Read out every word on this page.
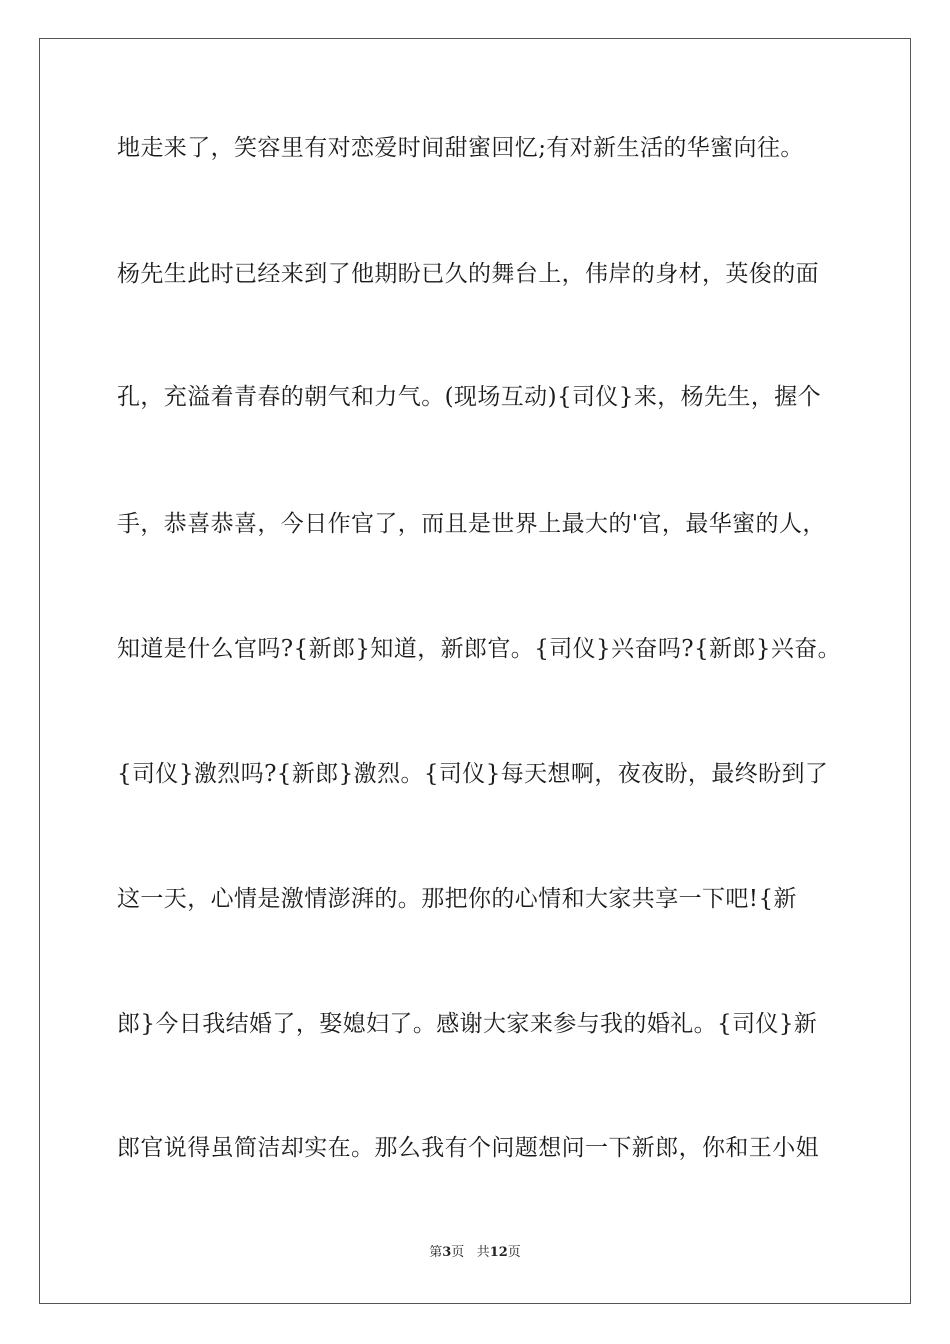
地走来了，笑容里有对恋爱时间甜蜜回忆;有对新生活的华蜜向往。
杨先生此时已经来到了他期盼已久的舞台上，伟岸的身材，英俊的面
孔，充溢着青春的朝气和力气。(现场互动){司仪}来，杨先生，握个
手，恭喜恭喜，今日作官了，而且是世界上最大的'官，最华蜜的人，
知道是什么官吗?{新郎}知道，新郎官。{司仪}兴奋吗?{新郎}兴奋。
{司仪}激烈吗?{新郎}激烈。{司仪}每天想啊，夜夜盼，最终盼到了
这一天，心情是激情澎湃的。那把你的心情和大家共享一下吧!{新
郎}今日我结婚了，娶媳妇了。感谢大家来参与我的婚礼。{司仪}新
郎官说得虽简洁却实在。那么我有个问题想问一下新郎，你和王小姐
第3页 共12页
